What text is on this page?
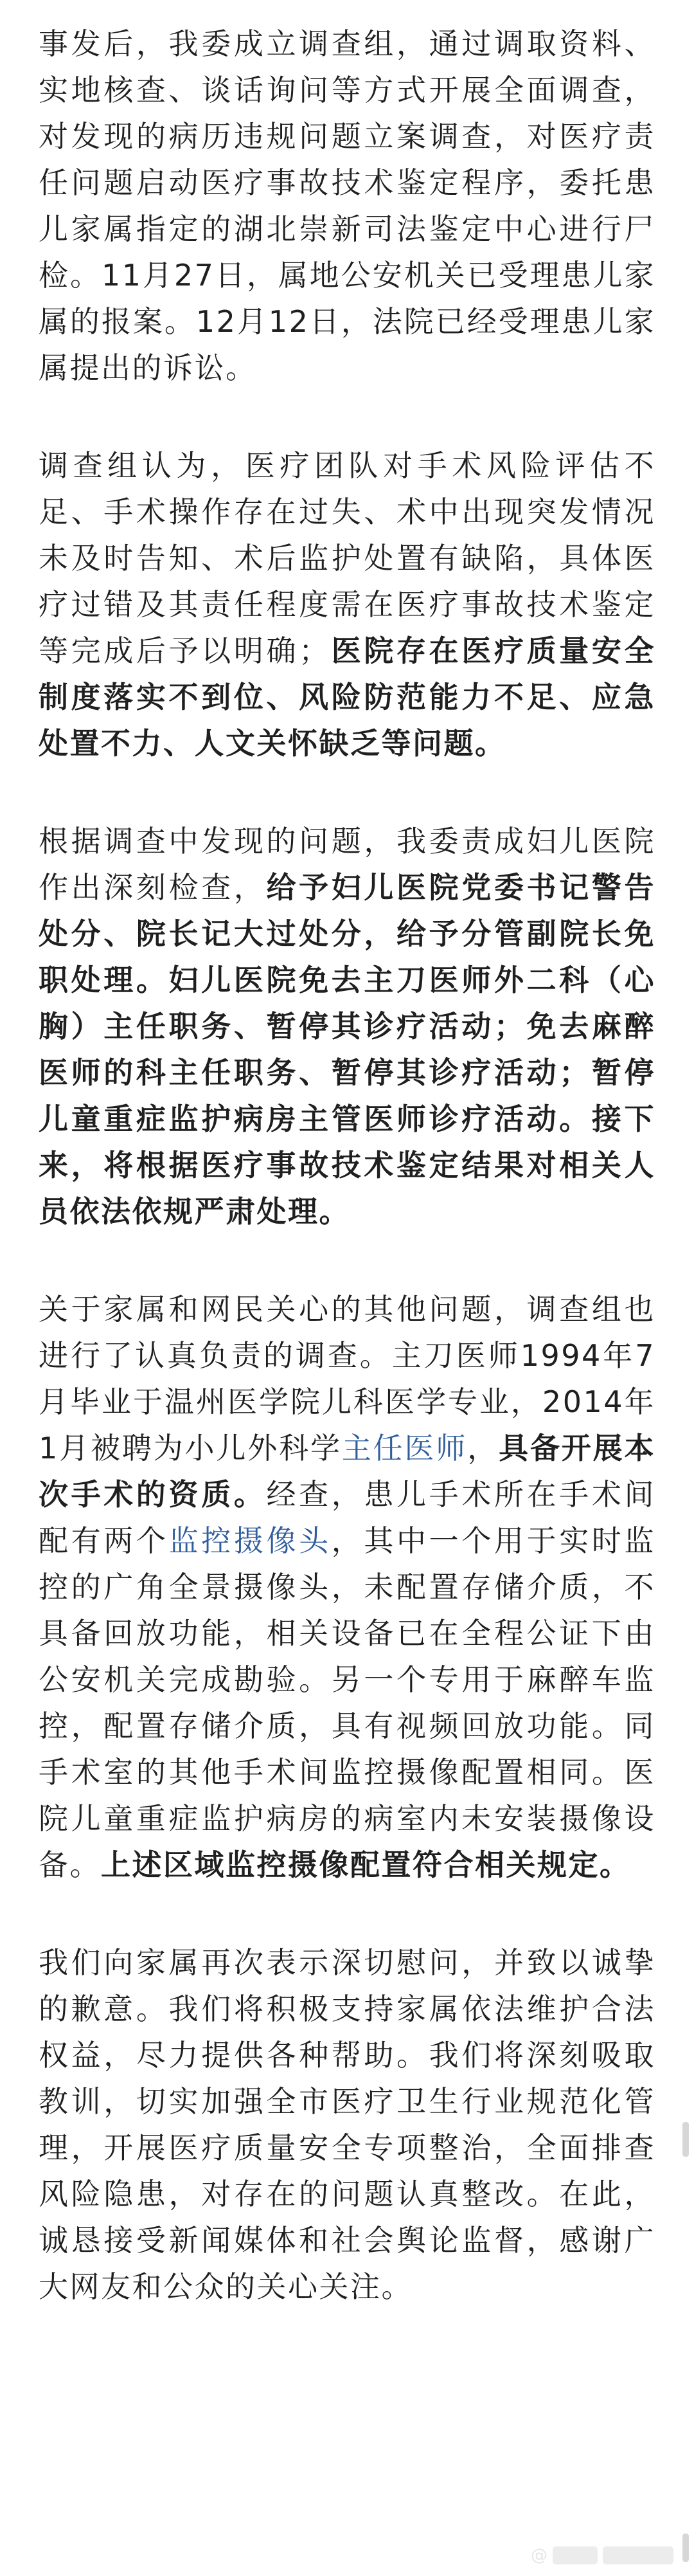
事发后，我委成立调查组，通过调取资料、实地核查、谈话询问等方式开展全面调查，对发现的病历违规问题立案调查，对医疗责任问题启动医疗事故技术鉴定程序，委托患儿家属指定的湖北崇新司法鉴定中心进行尸检。11月27日，属地公安机关已受理患儿家属的报案。12月12日，法院已经受理患儿家属提出的诉讼。

调查组认为，医疗团队对手术风险评估不足、手术操作存在过失、术中出现突发情况未及时告知、术后监护处置有缺陷，具体医疗过错及其责任程度需在医疗事故技术鉴定等完成后予以明确；医院存在医疗质量安全制度落实不到位、风险防范能力不足、应急处置不力、人文关怀缺乏等问题。

根据调查中发现的问题，我委责成妇儿医院作出深刻检查，给予妇儿医院党委书记警告处分、院长记大过处分，给予分管副院长免职处理。妇儿医院免去主刀医师外二科（心胸）主任职务、暂停其诊疗活动；免去麻醉医师的科主任职务、暂停其诊疗活动；暂停儿童重症监护病房主管医师诊疗活动。接下来，将根据医疗事故技术鉴定结果对相关人员依法依规严肃处理。

关于家属和网民关心的其他问题，调查组也进行了认真负责的调查。主刀医师1994年7月毕业于温州医学院儿科医学专业，2014年1月被聘为小儿外科学主任医师，具备开展本次手术的资质。经查，患儿手术所在手术间配有两个监控摄像头，其中一个用于实时监控的广角全景摄像头，未配置存储介质，不具备回放功能，相关设备已在全程公证下由公安机关完成勘验。另一个专用于麻醉车监控，配置存储介质，具有视频回放功能。同手术室的其他手术间监控摄像配置相同。医院儿童重症监护病房的病室内未安装摄像设备。上述区域监控摄像配置符合相关规定。

我们向家属再次表示深切慰问，并致以诚挚的歉意。我们将积极支持家属依法维护合法权益，尽力提供各种帮助。我们将深刻吸取教训，切实加强全市医疗卫生行业规范化管理，开展医疗质量安全专项整治，全面排查风险隐患，对存在的问题认真整改。在此，诚恳接受新闻媒体和社会舆论监督，感谢广大网友和公众的关心关注。

@
